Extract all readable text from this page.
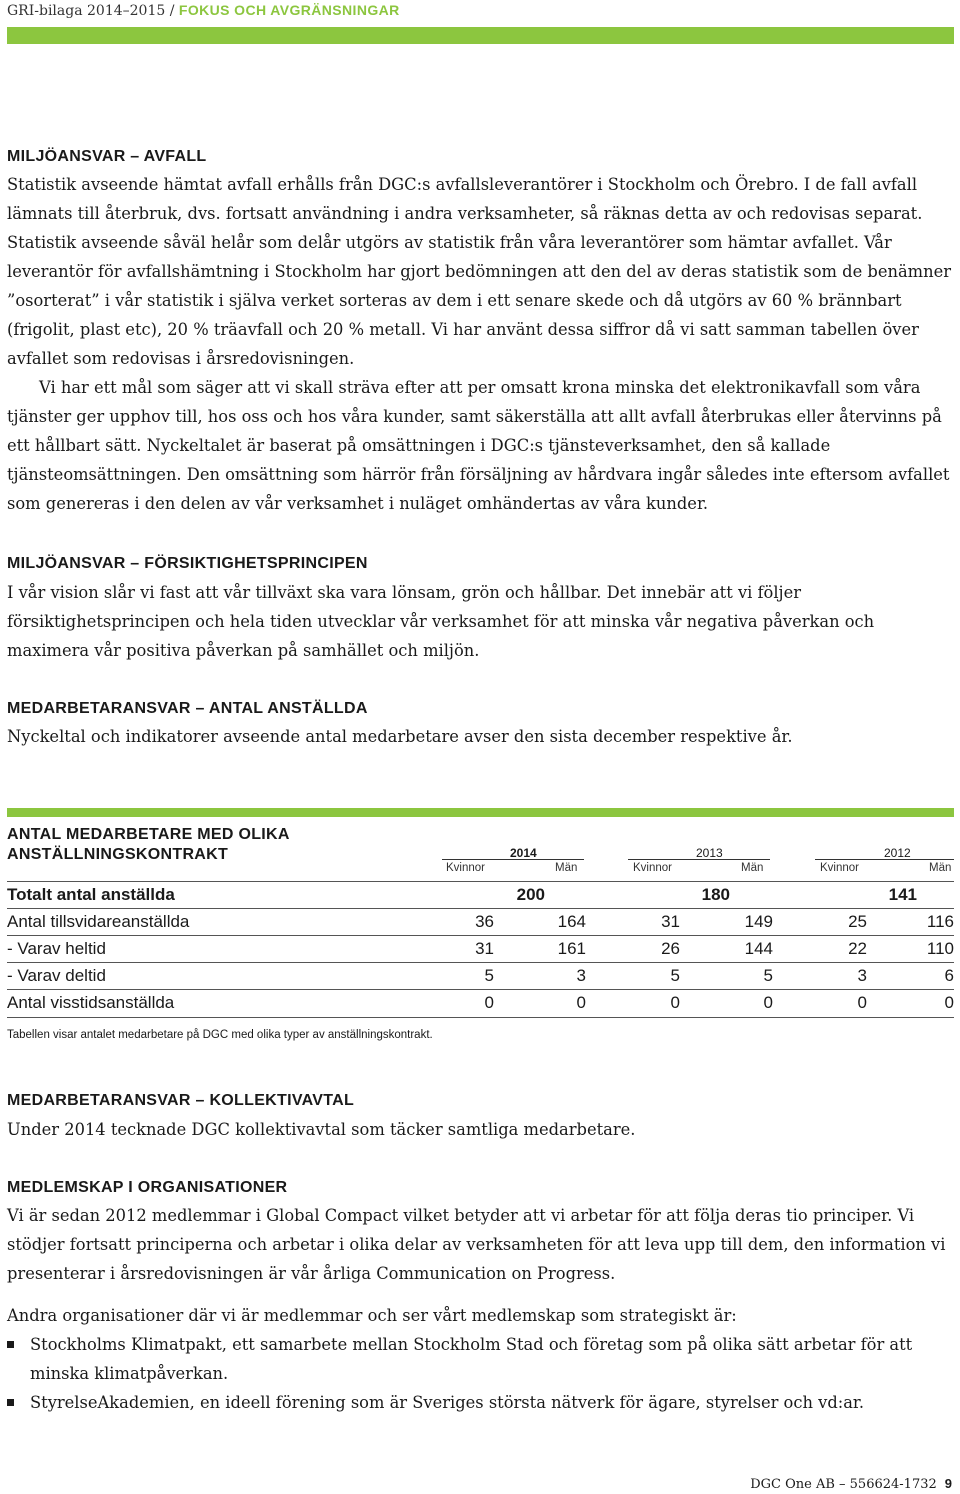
GRI-bilaga 2014–2015 / FOKUS OCH AVGRÄNSNINGAR
MILJÖANSVAR – AVFALL

Statistik avseende hämtat avfall erhålls från DGC:s avfallsleverantörer i Stockholm och Örebro. I de fall avfall lämnats till återbruk, dvs. fortsatt användning i andra verksamheter, så räknas detta av och redovisas separat. Statistik avseende såväl helår som delår utgörs av statistik från våra leverantörer som hämtar avfallet. Vår leverantör för avfallshämtning i Stockholm har gjort bedömningen att den del av deras statistik som de benämner ”osorterat” i vår statistik i själva verket sorteras av dem i ett senare skede och då utgörs av 60 % brännbart (frigolit, plast etc), 20 % träavfall och 20 % metall. Vi har använt dessa siffror då vi satt samman tabellen över avfallet som redovisas i årsredovisningen.

Vi har ett mål som säger att vi skall sträva efter att per omsatt krona minska det elektronikavfall som våra tjänster ger upphov till, hos oss och hos våra kunder, samt säkerställa att allt avfall återbrukas eller återvinns på ett hållbart sätt. Nyckeltalet är baserat på omsättningen i DGC:s tjänsteverksamhet, den så kallade tjänsteomsättningen. Den omsättning som härrör från försäljning av hårdvara ingår således inte eftersom avfallet som genereras i den delen av vår verksamhet i nuläget omhändertas av våra kunder.

MILJÖANSVAR – FÖRSIKTIGHETSPRINCIPEN

I vår vision slår vi fast att vår tillväxt ska vara lönsam, grön och hållbar. Det innebär att vi följer försiktighetsprincipen och hela tiden utvecklar vår verksamhet för att minska vår negativa påverkan och maximera vår positiva påverkan på samhället och miljön.

MEDARBETARANSVAR – ANTAL ANSTÄLLDA

Nyckeltal och indikatorer avseende antal medarbetare avser den sista december respektive år.

ANTAL MEDARBETARE MED OLIKA ANSTÄLLNINGSKONTRAKT	2014	2013	2012
Kvinnor	Män	Kvinnor	Män	Kvinnor	Män
Totalt antal anställda	200	180	141
Antal tillsvidareanställda	36	164	31	149	25	116
- Varav heltid	31	161	26	144	22	110
- Varav deltid	5	3	5	5	3	6
Antal visstidsanställda	0	0	0	0	0	0
Tabellen visar antalet medarbetare på DGC med olika typer av anställningskontrakt.
MEDARBETARANSVAR – KOLLEKTIVAVTAL

Under 2014 tecknade DGC kollektivavtal som täcker samtliga medarbetare.

MEDLEMSKAP I ORGANISATIONER

Vi är sedan 2012 medlemmar i Global Compact vilket betyder att vi arbetar för att följa deras tio principer. Vi stödjer fortsatt principerna och arbetar i olika delar av verksamheten för att leva upp till dem, den information vi presenterar i årsredovisningen är vår årliga Communication on Progress.

Andra organisationer där vi är medlemmar och ser vårt medlemskap som strategiskt är:

Stockholms Klimatpakt, ett samarbete mellan Stockholm Stad och företag som på olika sätt arbetar för att minska klimatpåverkan.
StyrelseAkademien, en ideell förening som är Sveriges största nätverk för ägare, styrelser och vd:ar.
DGC One AB – 556624-1732 9
